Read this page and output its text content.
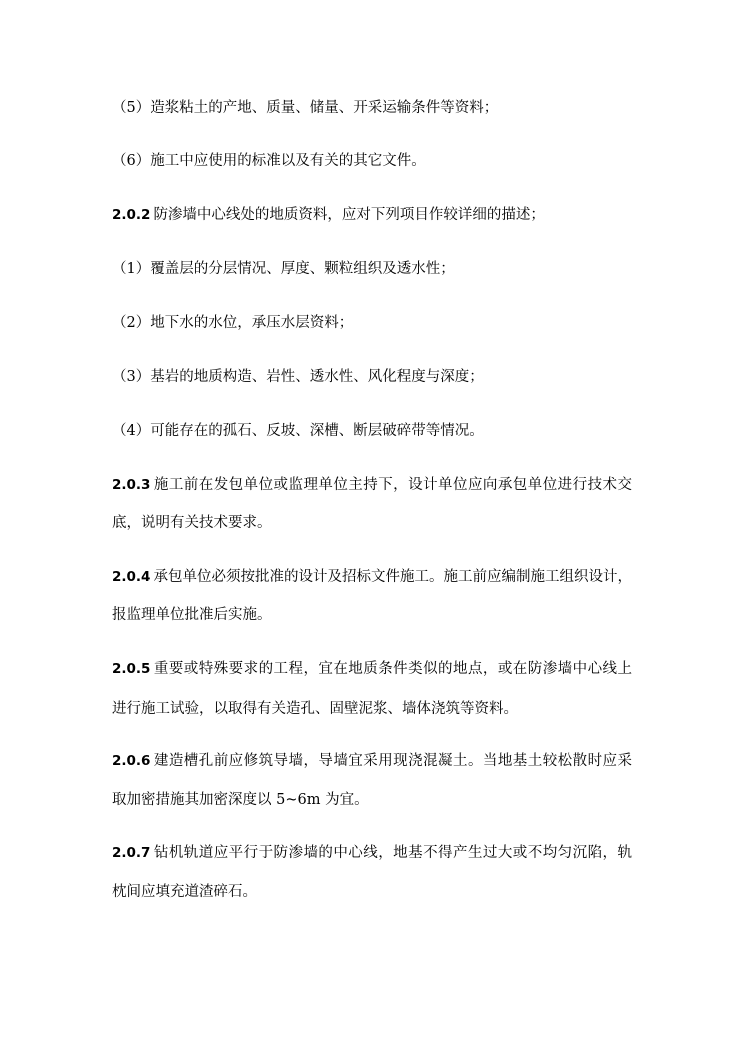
（5）造浆粘土的产地、质量、储量、开采运输条件等资料；
（6）施工中应使用的标准以及有关的其它文件。
2.0.2 防渗墙中心线处的地质资料，应对下列项目作较详细的描述；
（1）覆盖层的分层情况、厚度、颗粒组织及透水性；
（2）地下水的水位，承压水层资料；
（3）基岩的地质构造、岩性、透水性、风化程度与深度；
（4）可能存在的孤石、反坡、深槽、断层破碎带等情况。
2.0.3 施工前在发包单位或监理单位主持下，设计单位应向承包单位进行技术交
底，说明有关技术要求。
2.0.4 承包单位必须按批准的设计及招标文件施工。施工前应编制施工组织设计，
报监理单位批准后实施。
2.0.5 重要或特殊要求的工程，宜在地质条件类似的地点，或在防渗墙中心线上
进行施工试验，以取得有关造孔、固壁泥浆、墙体浇筑等资料。
2.0.6 建造槽孔前应修筑导墙，导墙宜采用现浇混凝土。当地基土较松散时应采
取加密措施其加密深度以 5~6m 为宜。
2.0.7 钻机轨道应平行于防渗墙的中心线，地基不得产生过大或不均匀沉陷，轨
枕间应填充道渣碎石。
